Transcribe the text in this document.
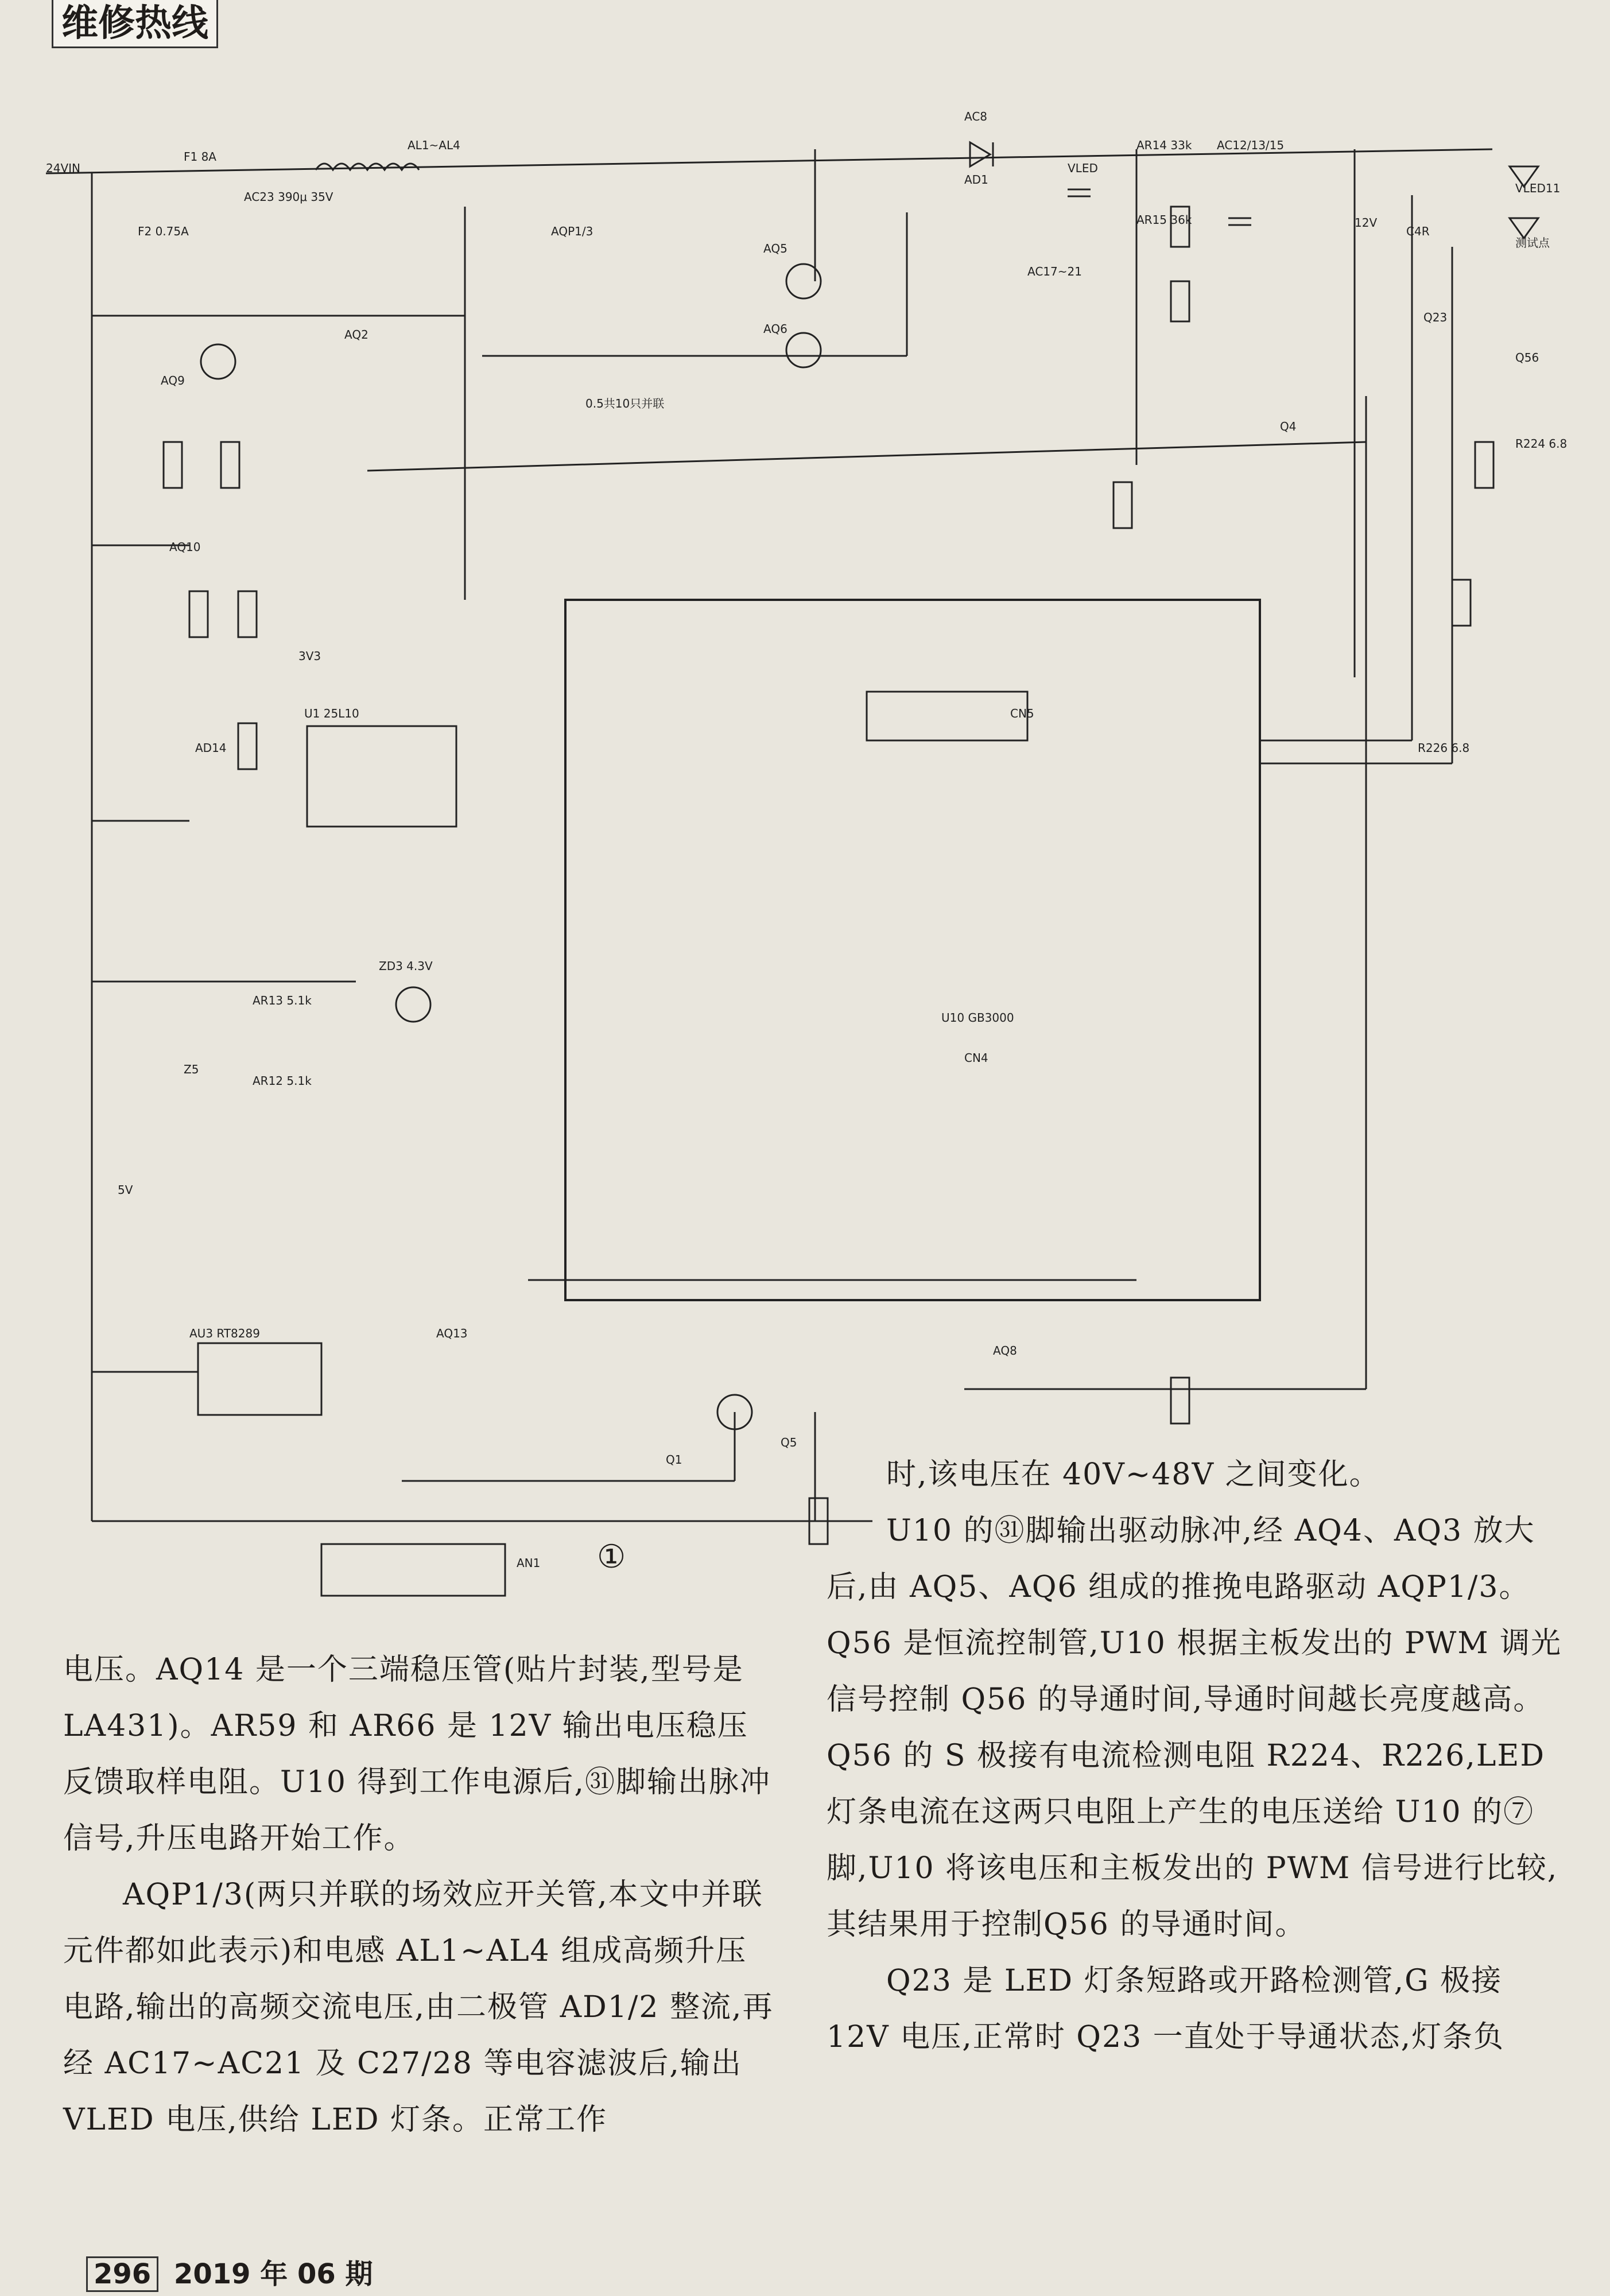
维修热线
24VIN
F1 8A
F2 0.75A
AL1~AL4
AQP1/3
AC8
AD1
VLED
AR14 33k
AR15 36k
AC12/13/15
VLED11
12V
C4R
测试点
Q23
Q56
R224 6.8
R226 6.8
U10 GB3000
U1 25L10
AU3 RT8289
CN5
CN4
AN1
AQ5
AQ6
AQ9
AQ10
AQ2
AQ13
AQ8
Q4
Q1
Q5
5V
3V3
AD14
Z5
ZD3 4.3V
AR13 5.1k
AR12 5.1k
AC23 390μ 35V
AC17~21
0.5共10只并联
①

电压。AQ14 是一个三端稳压管(贴片封装,型号是 LA431)。AR59 和 AR66 是 12V 输出电压稳压反馈取样电阻。U10 得到工作电源后,㉛脚输出脉冲信号,升压电路开始工作。

AQP1/3(两只并联的场效应开关管,本文中并联元件都如此表示)和电感 AL1~AL4 组成高频升压电路,输出的高频交流电压,由二极管 AD1/2 整流,再经 AC17~AC21 及 C27/28 等电容滤波后,输出 VLED 电压,供给 LED 灯条。正常工作

时,该电压在 40V~48V 之间变化。

U10 的㉛脚输出驱动脉冲,经 AQ4、AQ3 放大后,由 AQ5、AQ6 组成的推挽电路驱动 AQP1/3。Q56 是恒流控制管,U10 根据主板发出的 PWM 调光信号控制 Q56 的导通时间,导通时间越长亮度越高。Q56 的 S 极接有电流检测电阻 R224、R226,LED 灯条电流在这两只电阻上产生的电压送给 U10 的⑦脚,U10 将该电压和主板发出的 PWM 信号进行比较,其结果用于控制Q56 的导通时间。

Q23 是 LED 灯条短路或开路检测管,G 极接 12V 电压,正常时 Q23 一直处于导通状态,灯条负

296 2019 年 06 期
